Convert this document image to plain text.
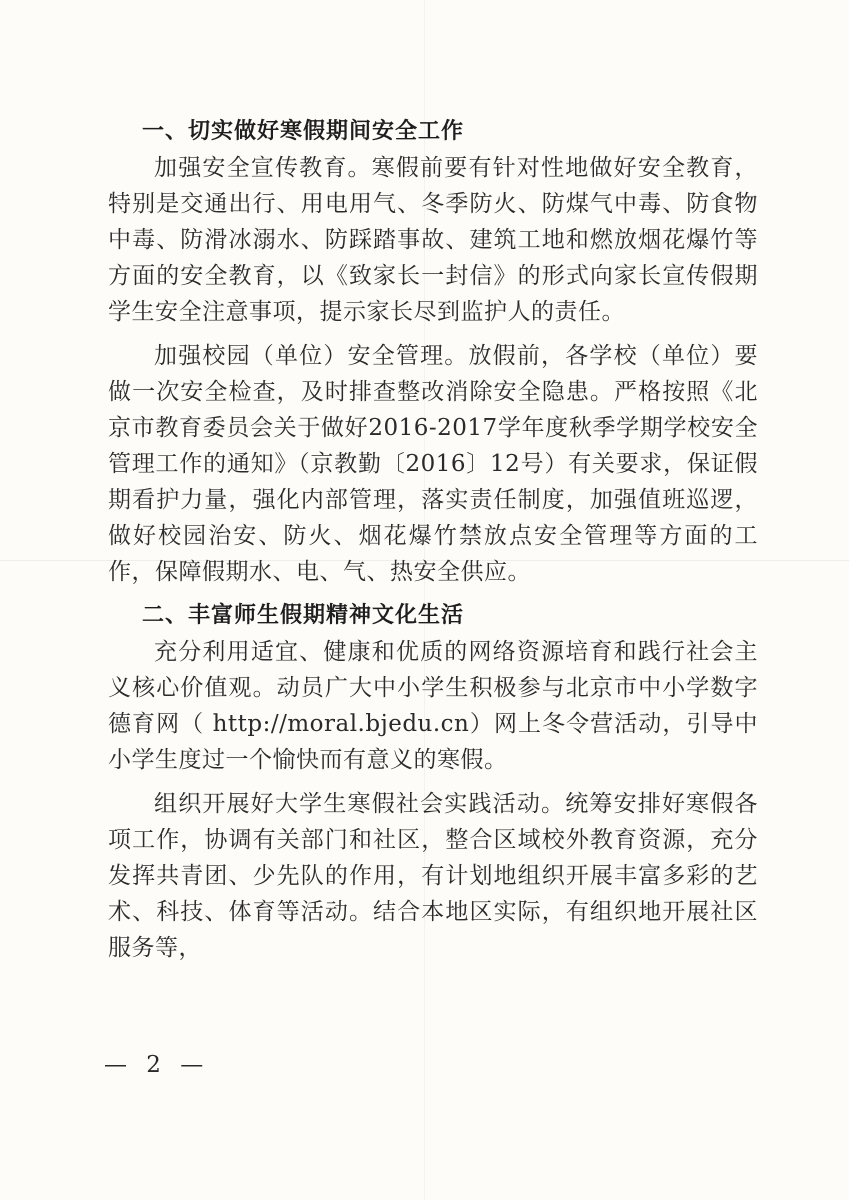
一、切实做好寒假期间安全工作

加强安全宣传教育。寒假前要有针对性地做好安全教育，特别是交通出行、用电用气、冬季防火、防煤气中毒、防食物中毒、防滑冰溺水、防踩踏事故、建筑工地和燃放烟花爆竹等方面的安全教育，以《致家长一封信》的形式向家长宣传假期学生安全注意事项，提示家长尽到监护人的责任。

加强校园（单位）安全管理。放假前，各学校（单位）要做一次安全检查，及时排查整改消除安全隐患。严格按照《北京市教育委员会关于做好2016-2017学年度秋季学期学校安全管理工作的通知》（京教勤〔2016〕12号）有关要求，保证假期看护力量，强化内部管理，落实责任制度，加强值班巡逻，做好校园治安、防火、烟花爆竹禁放点安全管理等方面的工作，保障假期水、电、气、热安全供应。

二、丰富师生假期精神文化生活

充分利用适宜、健康和优质的网络资源培育和践行社会主义核心价值观。动员广大中小学生积极参与北京市中小学数字德育网（ http://moral.bjedu.cn）网上冬令营活动，引导中小学生度过一个愉快而有意义的寒假。

组织开展好大学生寒假社会实践活动。统筹安排好寒假各项工作，协调有关部门和社区，整合区域校外教育资源，充分发挥共青团、少先队的作用，有计划地组织开展丰富多彩的艺术、科技、体育等活动。结合本地区实际，有组织地开展社区服务等，

— 2 —
